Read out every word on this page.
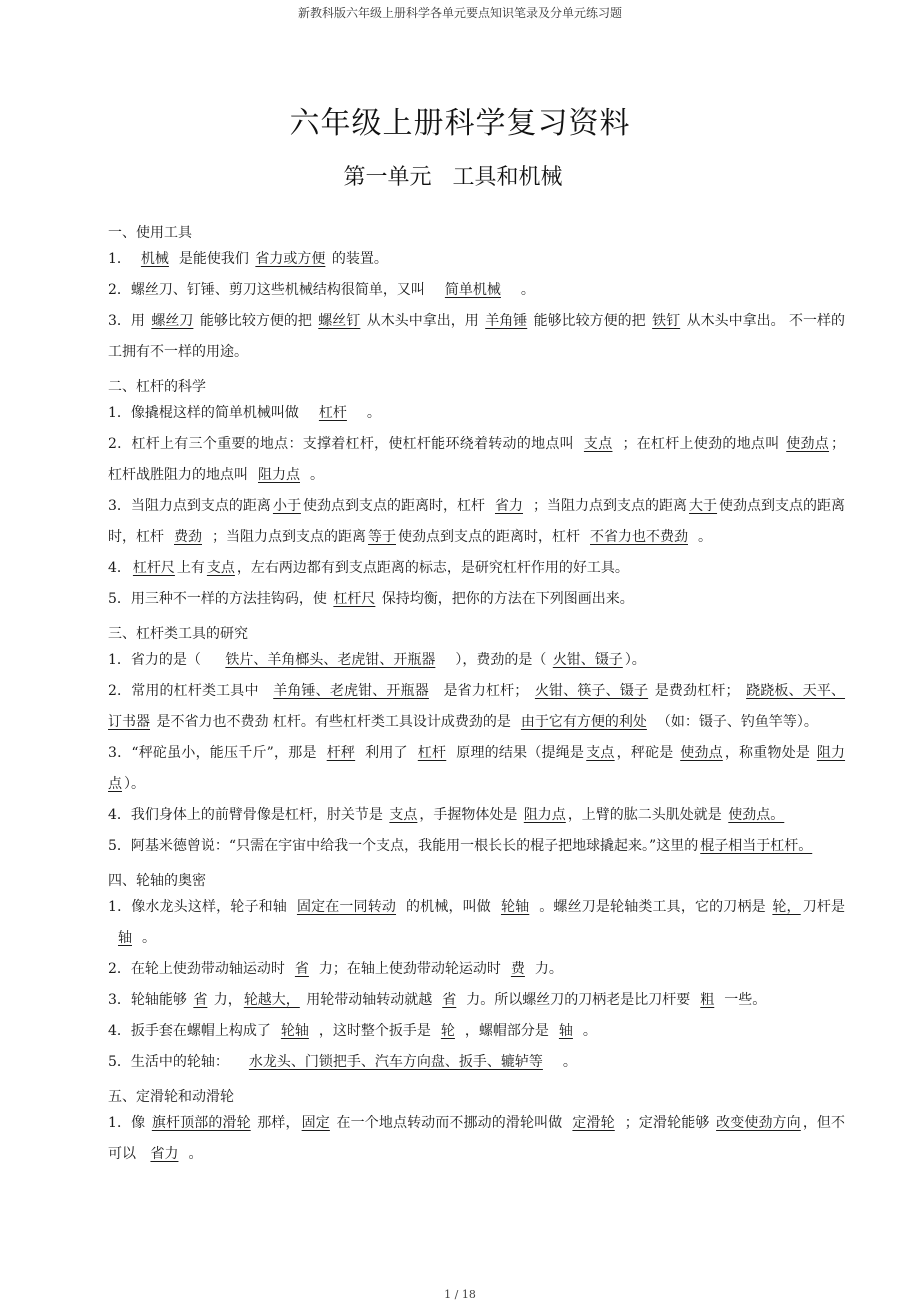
新教科版六年级上册科学各单元要点知识笔录及分单元练习题
六年级上册科学复习资料
第一单元 工具和机械
一、使用工具
1． 机械 是能使我们 省力或方便 的装置。
2．螺丝刀、钉锤、剪刀这些机械结构很简单，又叫 简单机械 。
3．用 螺丝刀 能够比较方便的把 螺丝钉 从木头中拿出，用 羊角锤 能够比较方便的把 铁钉 从木头中拿出。 不一样的工拥有不一样的用途。
二、杠杆的科学
1．像撬棍这样的简单机械叫做 杠杆 。
2．杠杆上有三个重要的地点：支撑着杠杆，使杠杆能环绕着转动的地点叫 支点 ；在杠杆上使劲的地点叫 使劲点 ；杠杆战胜阻力的地点叫 阻力点 。
3．当阻力点到支点的距离 小于 使劲点到支点的距离时，杠杆 省力 ；当阻力点到支点的距离 大于 使劲点到支点的距离时，杠杆 费劲 ；当阻力点到支点的距离 等于 使劲点到支点的距离时，杠杆 不省力也不费劲 。
4． 杠杆尺 上有 支点 ，左右两边都有到支点距离的标志，是研究杠杆作用的好工具。
5．用三种不一样的方法挂钩码，使 杠杆尺 保持均衡，把你的方法在下列图画出来。
三、杠杆类工具的研究
1．省力的是（ 铁片、羊角榔头、老虎钳、开瓶器 ），费劲的是（ 火钳、镊子 ）。
2．常用的杠杆类工具中 羊角锤、老虎钳、开瓶器 是省力杠杆； 火钳、筷子、镊子 是费劲杠杆； 跷跷板、天平、订书器 是不省力也不费劲 杠杆。有些杠杆类工具设计成费劲的是 由于它有方便的利处 （如：镊子、钓鱼竿等）。
3．“秤砣虽小，能压千斤”，那是 杆秤 利用了 杠杆 原理的结果（提绳是 支点 ，秤砣是 使劲点 ，称重物处是 阻力点 ）。
4．我们身体上的前臂骨像是杠杆，肘关节是 支点 ，手握物体处是 阻力点 ，上臂的肱二头肌处就是 使劲点。
5．阿基米德曾说：“只需在宇宙中给我一个支点，我能用一根长长的棍子把地球撬起来。”这里的 棍子相当于杠杆。
四、轮轴的奥密
1．像水龙头这样，轮子和轴 固定在一同转动 的机械，叫做 轮轴 。螺丝刀是轮轴类工具，它的刀柄是 轮， 刀杆是轴 。
2．在轮上使劲带动轴运动时 省 力；在轴上使劲带动轮运动时 费 力。
3．轮轴能够 省 力， 轮越大， 用轮带动轴转动就越 省 力。所以螺丝刀的刀柄老是比刀杆要 粗 一些。
4．扳手套在螺帽上构成了 轮轴 ，这时整个扳手是 轮 ，螺帽部分是 轴 。
5．生活中的轮轴： 水龙头、门锁把手、汽车方向盘、扳手、辘轳等 。
五、定滑轮和动滑轮
1．像 旗杆顶部的滑轮 那样， 固定 在一个地点转动而不挪动的滑轮叫做 定滑轮 ；定滑轮能够 改变使劲方向 ，但不可以 省力 。
1 / 18
